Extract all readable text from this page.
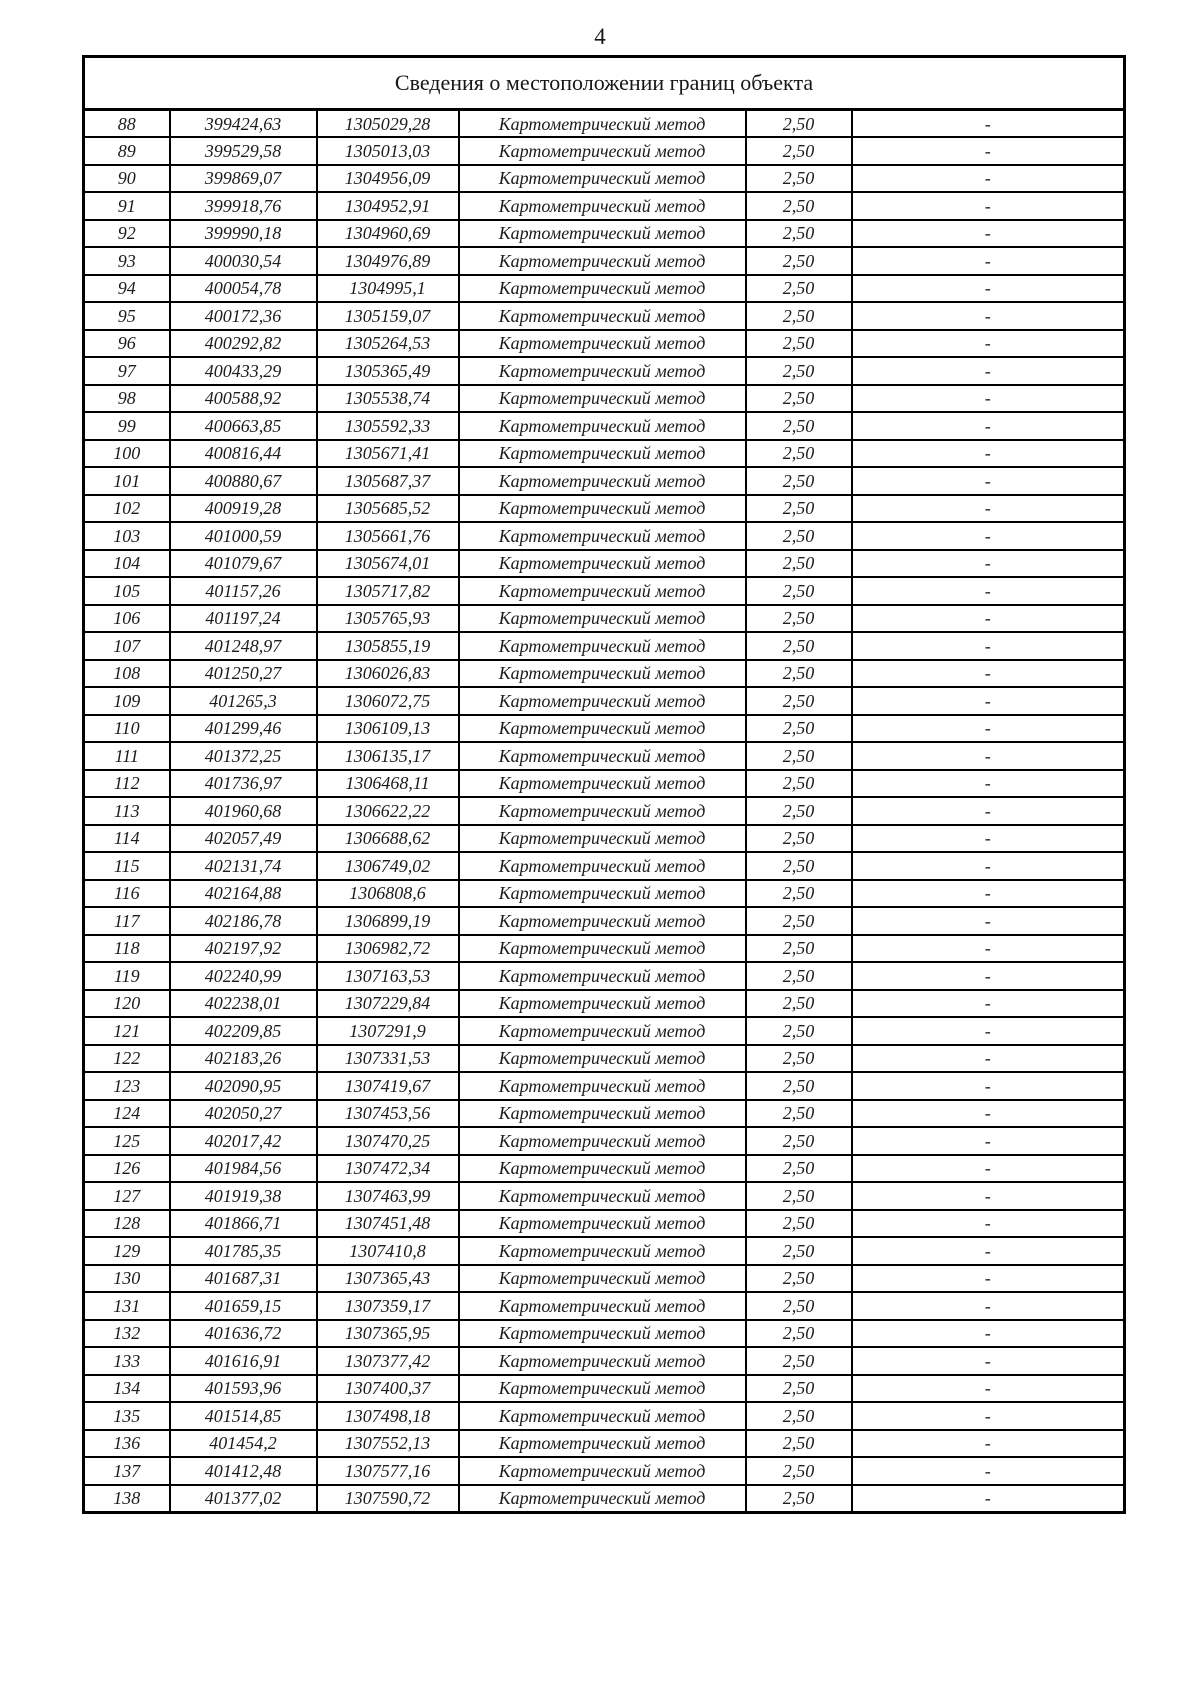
4
Сведения о местоположении границ объекта					
88	399424,63	1305029,28	Картометрический метод	2,50	-
89	399529,58	1305013,03	Картометрический метод	2,50	-
90	399869,07	1304956,09	Картометрический метод	2,50	-
91	399918,76	1304952,91	Картометрический метод	2,50	-
92	399990,18	1304960,69	Картометрический метод	2,50	-
93	400030,54	1304976,89	Картометрический метод	2,50	-
94	400054,78	1304995,1	Картометрический метод	2,50	-
95	400172,36	1305159,07	Картометрический метод	2,50	-
96	400292,82	1305264,53	Картометрический метод	2,50	-
97	400433,29	1305365,49	Картометрический метод	2,50	-
98	400588,92	1305538,74	Картометрический метод	2,50	-
99	400663,85	1305592,33	Картометрический метод	2,50	-
100	400816,44	1305671,41	Картометрический метод	2,50	-
101	400880,67	1305687,37	Картометрический метод	2,50	-
102	400919,28	1305685,52	Картометрический метод	2,50	-
103	401000,59	1305661,76	Картометрический метод	2,50	-
104	401079,67	1305674,01	Картометрический метод	2,50	-
105	401157,26	1305717,82	Картометрический метод	2,50	-
106	401197,24	1305765,93	Картометрический метод	2,50	-
107	401248,97	1305855,19	Картометрический метод	2,50	-
108	401250,27	1306026,83	Картометрический метод	2,50	-
109	401265,3	1306072,75	Картометрический метод	2,50	-
110	401299,46	1306109,13	Картометрический метод	2,50	-
111	401372,25	1306135,17	Картометрический метод	2,50	-
112	401736,97	1306468,11	Картометрический метод	2,50	-
113	401960,68	1306622,22	Картометрический метод	2,50	-
114	402057,49	1306688,62	Картометрический метод	2,50	-
115	402131,74	1306749,02	Картометрический метод	2,50	-
116	402164,88	1306808,6	Картометрический метод	2,50	-
117	402186,78	1306899,19	Картометрический метод	2,50	-
118	402197,92	1306982,72	Картометрический метод	2,50	-
119	402240,99	1307163,53	Картометрический метод	2,50	-
120	402238,01	1307229,84	Картометрический метод	2,50	-
121	402209,85	1307291,9	Картометрический метод	2,50	-
122	402183,26	1307331,53	Картометрический метод	2,50	-
123	402090,95	1307419,67	Картометрический метод	2,50	-
124	402050,27	1307453,56	Картометрический метод	2,50	-
125	402017,42	1307470,25	Картометрический метод	2,50	-
126	401984,56	1307472,34	Картометрический метод	2,50	-
127	401919,38	1307463,99	Картометрический метод	2,50	-
128	401866,71	1307451,48	Картометрический метод	2,50	-
129	401785,35	1307410,8	Картометрический метод	2,50	-
130	401687,31	1307365,43	Картометрический метод	2,50	-
131	401659,15	1307359,17	Картометрический метод	2,50	-
132	401636,72	1307365,95	Картометрический метод	2,50	-
133	401616,91	1307377,42	Картометрический метод	2,50	-
134	401593,96	1307400,37	Картометрический метод	2,50	-
135	401514,85	1307498,18	Картометрический метод	2,50	-
136	401454,2	1307552,13	Картометрический метод	2,50	-
137	401412,48	1307577,16	Картометрический метод	2,50	-
138	401377,02	1307590,72	Картометрический метод	2,50	-
